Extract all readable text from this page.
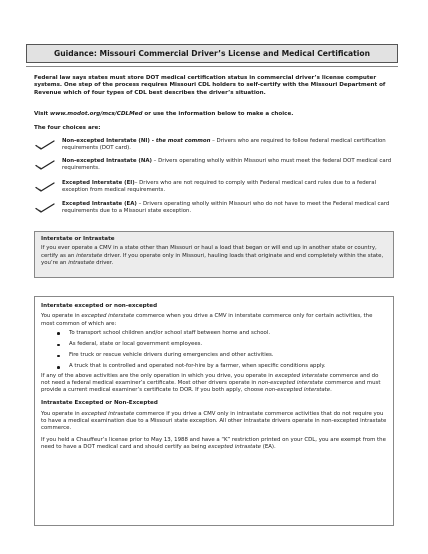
Guidance: Missouri Commercial Driver’s License and Medical Certification

Federal law says states must store DOT medical certification status in commercial driver’s license computer systems. One step of the process requires Missouri CDL holders to self-certify with the Missouri Department of Revenue which of four types of CDL best describes the driver’s situation.

Visit www.modot.org/mcs/CDLMed or use the information below to make a choice.

The four choices are:

Non-excepted Interstate (NI) - the most common – Drivers who are required to follow federal medical certification requirements (DOT card).

Non-excepted Intrastate (NA) – Drivers operating wholly within Missouri who must meet the federal DOT medical card requirements.

Excepted Interstate (EI)– Drivers who are not required to comply with Federal medical card rules due to a federal exception from medical requirements.

Excepted Intrastate (EA) – Drivers operating wholly within Missouri who do not have to meet the Federal medical card requirements due to a Missouri state exception.

Interstate or Intrastate

If you ever operate a CMV in a state other than Missouri or haul a load that began or will end up in another state or country, certify as an interstate driver. If you operate only in Missouri, hauling loads that originate and end completely within the state, you’re an intrastate driver.

Interstate excepted or non-excepted

You operate in excepted interstate commerce when you drive a CMV in interstate commerce only for certain activities, the most common of which are:

To transport school children and/or school staff between home and school.
As federal, state or local government employees.
Fire truck or rescue vehicle drivers during emergencies and other activities.
A truck that is controlled and operated not-for-hire by a farmer, when specific conditions apply.

If any of the above activities are the only operation in which you drive, you operate in excepted interstate commerce and do not need a federal medical examiner’s certificate. Most other drivers operate in non-excepted interstate commerce and must provide a current medical examiner’s certificate to DOR. If you both apply, choose non-excepted interstate.

Intrastate Excepted or Non-Excepted

You operate in excepted intrastate commerce if you drive a CMV only in intrastate commerce activities that do not require you to have a medical examination due to a Missouri state exception. All other intrastate drivers operate in non-excepted intrastate commerce.

If you held a Chauffeur’s license prior to May 13, 1988 and have a “K” restriction printed on your CDL, you are exempt from the need to have a DOT medical card and should certify as being excepted intrastate (EA).
